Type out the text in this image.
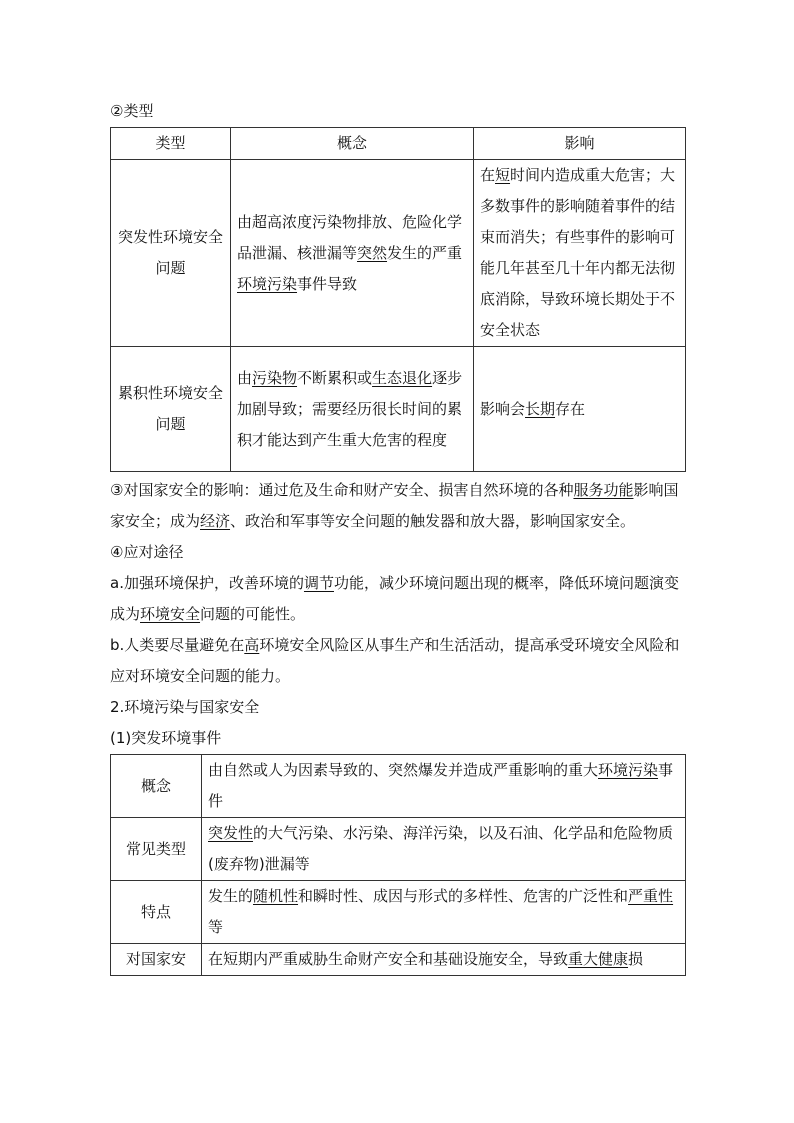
②类型

类型	概念	影响
突发性环境安全问题	由超高浓度污染物排放、危险化学品泄漏、核泄漏等突然发生的严重环境污染事件导致	在短时间内造成重大危害；大多数事件的影响随着事件的结束而消失；有些事件的影响可能几年甚至几十年内都无法彻底消除，导致环境长期处于不安全状态
累积性环境安全问题	由污染物不断累积或生态退化逐步加剧导致；需要经历很长时间的累积才能达到产生重大危害的程度	影响会长期存在

③对国家安全的影响：通过危及生命和财产安全、损害自然环境的各种服务功能影响国家安全；成为经济、政治和军事等安全问题的触发器和放大器，影响国家安全。

④应对途径

a.加强环境保护，改善环境的调节功能，减少环境问题出现的概率，降低环境问题演变成为环境安全问题的可能性。

b.人类要尽量避免在高环境安全风险区从事生产和生活活动，提高承受环境安全风险和应对环境安全问题的能力。

2.环境污染与国家安全

(1)突发环境事件

概念	由自然或人为因素导致的、突然爆发并造成严重影响的重大环境污染事件
常见类型	突发性的大气污染、水污染、海洋污染，以及石油、化学品和危险物质(废弃物)泄漏等
特点	发生的随机性和瞬时性、成因与形式的多样性、危害的广泛性和严重性等
对国家安	在短期内严重威胁生命财产安全和基础设施安全，导致重大健康损
